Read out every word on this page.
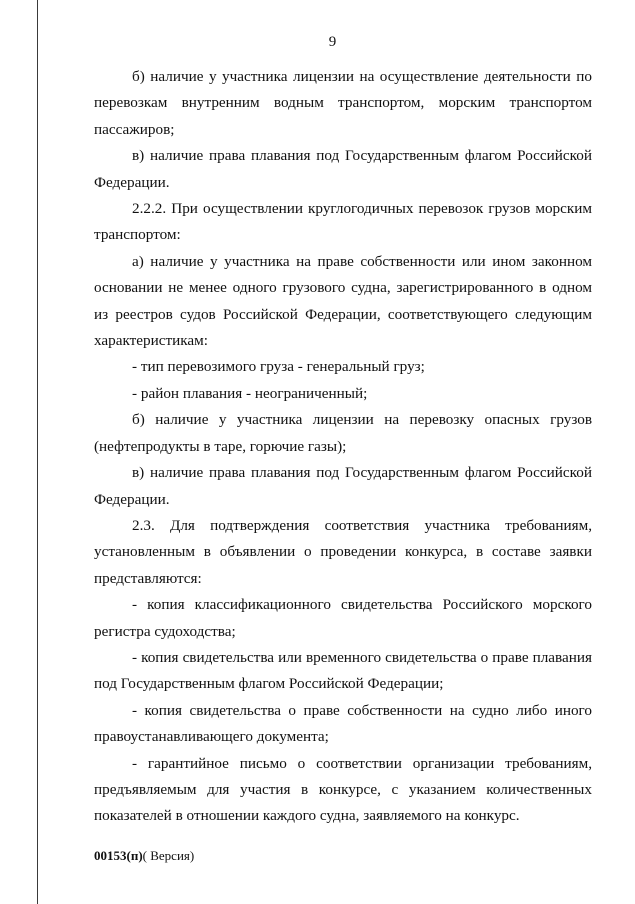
9

б) наличие у участника лицензии на осуществление деятельности по перевозкам внутренним водным транспортом, морским транспортом пассажиров;

в) наличие права плавания под Государственным флагом Российской Федерации.

2.2.2. При осуществлении круглогодичных перевозок грузов морским транспортом:

а) наличие у участника на праве собственности или ином законном основании не менее одного грузового судна, зарегистрированного в одном из реестров судов Российской Федерации, соответствующего следующим характеристикам:

- тип перевозимого груза - генеральный груз;

- район плавания - неограниченный;

б) наличие у участника лицензии на перевозку опасных грузов (нефтепродукты в таре, горючие газы);

в) наличие права плавания под Государственным флагом Российской Федерации.

2.3. Для подтверждения соответствия участника требованиям, установленным в объявлении о проведении конкурса, в составе заявки представляются:

- копия классификационного свидетельства Российского морского регистра судоходства;

- копия свидетельства или временного свидетельства о праве плавания под Государственным флагом Российской Федерации;

- копия свидетельства о праве собственности на судно либо иного правоустанавливающего документа;

- гарантийное письмо о соответствии организации требованиям, предъявляемым для участия в конкурсе, с указанием количественных показателей в отношении каждого судна, заявляемого на конкурс.

00153(п)( Версия)
